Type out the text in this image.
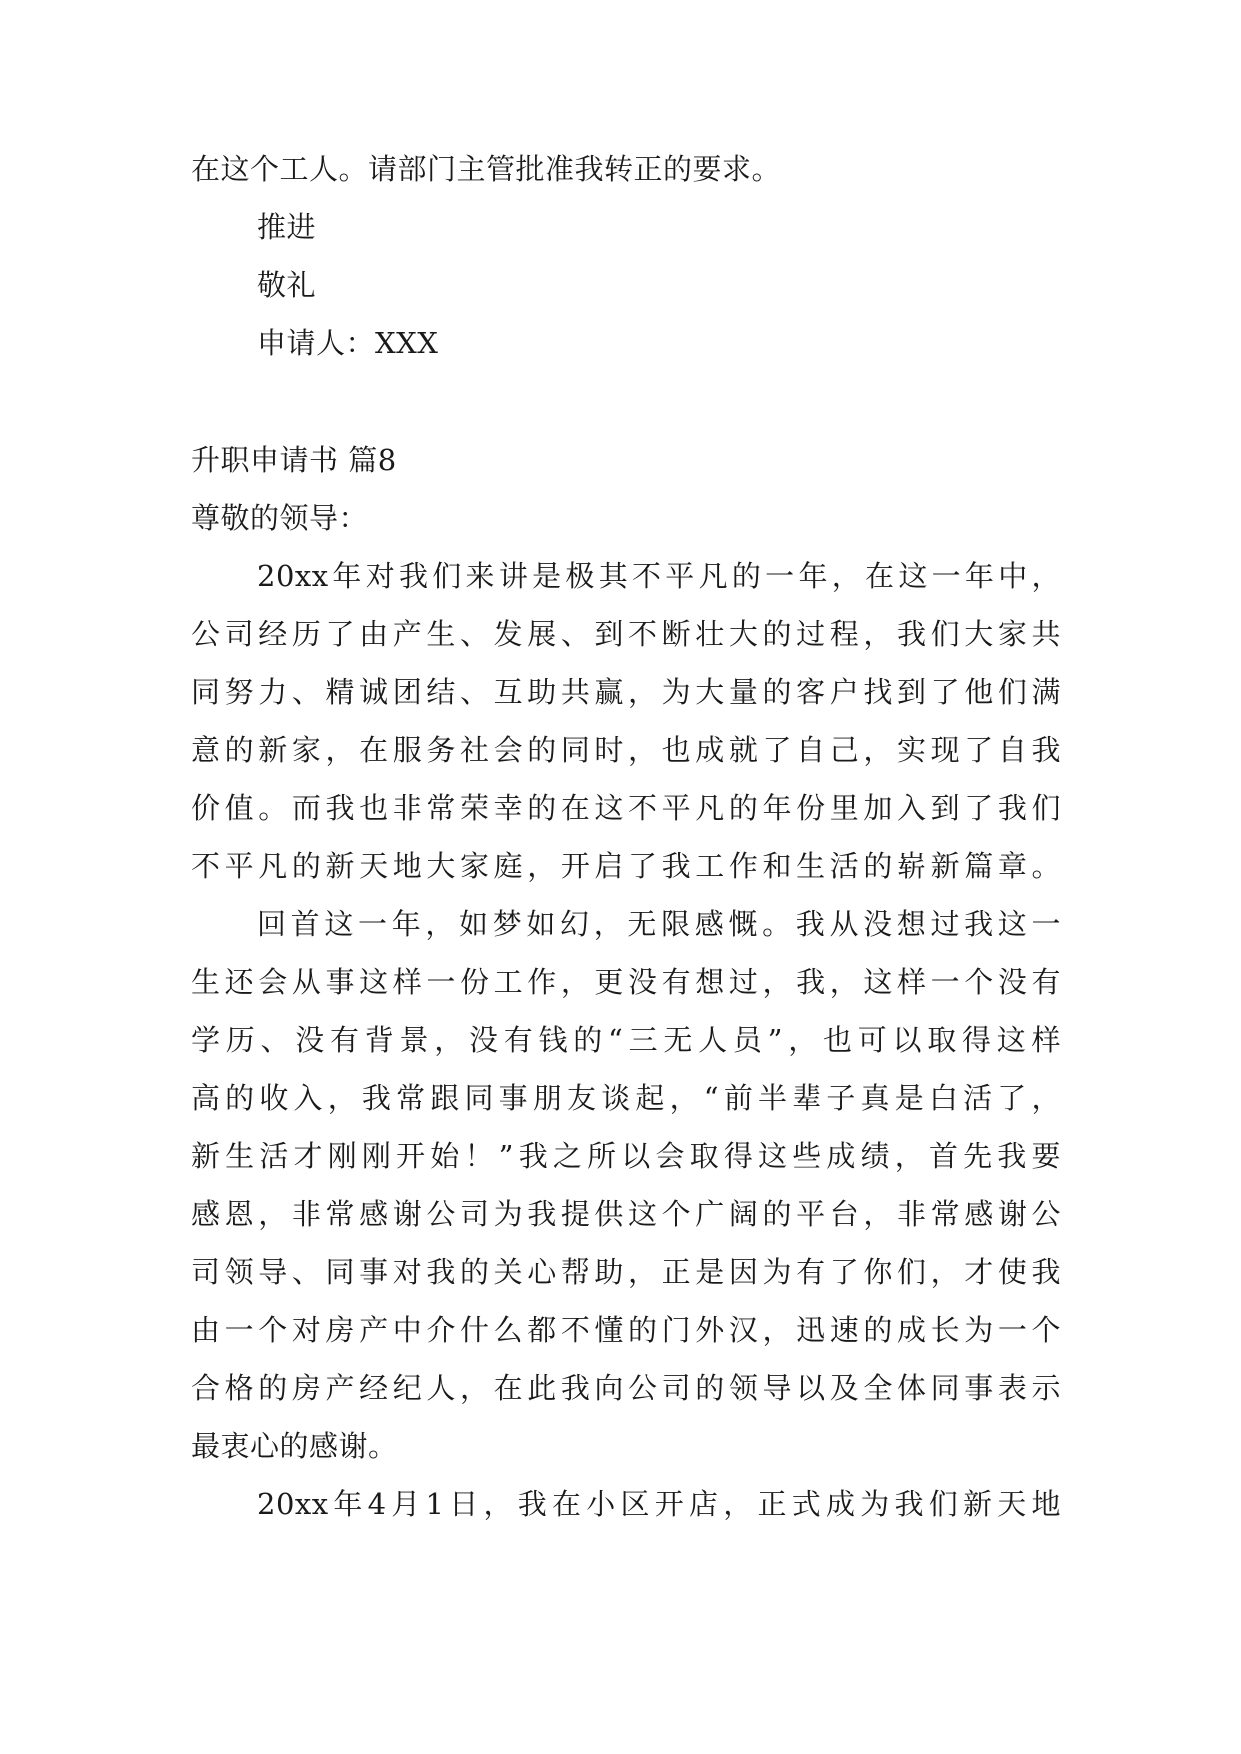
在这个工人。请部门主管批准我转正的要求。
推进
敬礼
申请人：XXX
升职申请书 篇8
尊敬的领导：
20xx年对我们来讲是极其不平凡的一年，在这一年中，
公司经历了由产生、发展、到不断壮大的过程，我们大家共
同努力、精诚团结、互助共赢，为大量的客户找到了他们满
意的新家，在服务社会的同时，也成就了自己，实现了自我
价值。而我也非常荣幸的在这不平凡的年份里加入到了我们
不平凡的新天地大家庭，开启了我工作和生活的崭新篇章。
回首这一年，如梦如幻，无限感慨。我从没想过我这一
生还会从事这样一份工作，更没有想过，我，这样一个没有
学历、没有背景，没有钱的“三无人员”，也可以取得这样
高的收入，我常跟同事朋友谈起，“前半辈子真是白活了，
新生活才刚刚开始！”我之所以会取得这些成绩，首先我要
感恩，非常感谢公司为我提供这个广阔的平台，非常感谢公
司领导、同事对我的关心帮助，正是因为有了你们，才使我
由一个对房产中介什么都不懂的门外汉，迅速的成长为一个
合格的房产经纪人，在此我向公司的领导以及全体同事表示
最衷心的感谢。
20xx年4月1日，我在小区开店，正式成为我们新天地
